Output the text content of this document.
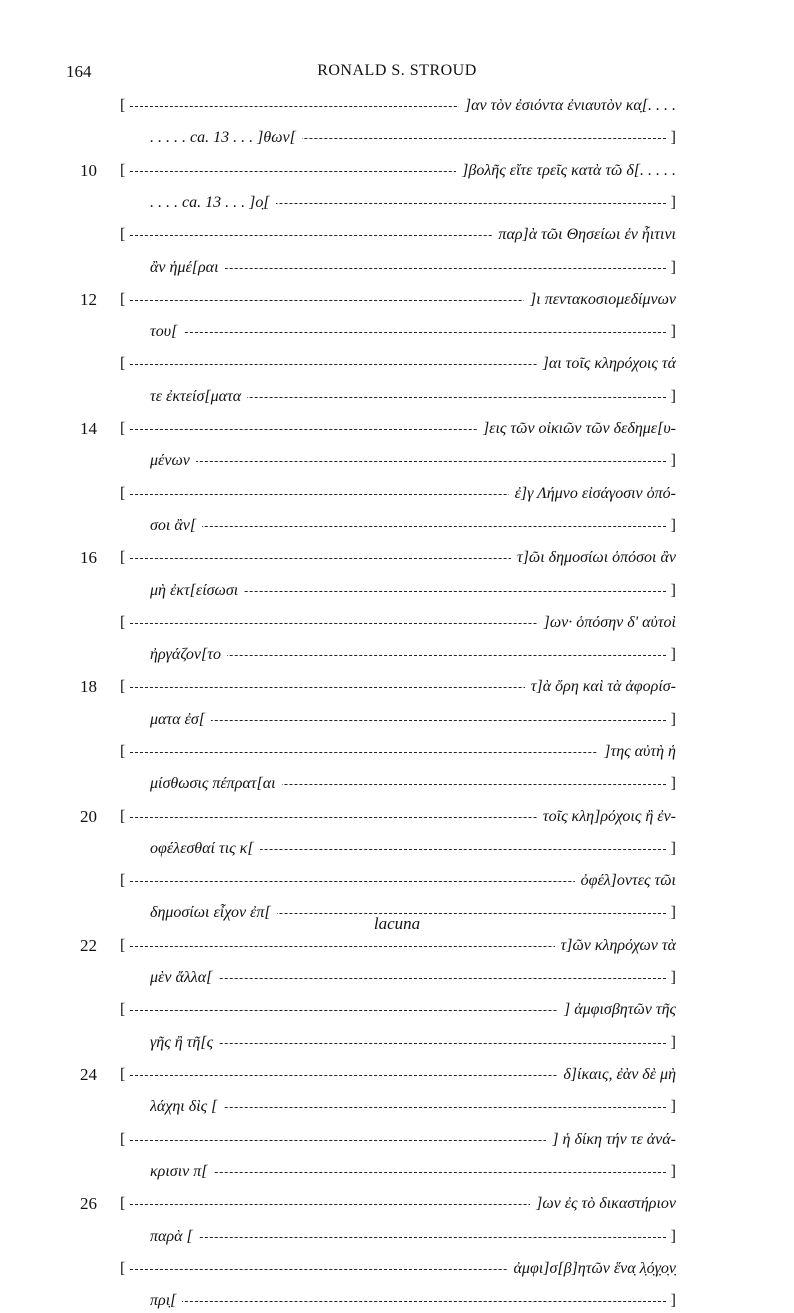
164	RONALD S. STROUD
[	]αν τὸν ἐσιόντα ἐνιαυτὸν κα̣[. . . .
. . . . . ca. 13 . . . ]θων[	]
10 [	]βολῆς εἴτε τρεῖς κατὰ τῶ δ[. . . . .
. . . . ca. 13 . . . ]ο̣[	]
[	παρ]ὰ τῶι Θησείωι ἐν ἧιτινι
ἂν ἡμέ[ραι	]
12 [	]ι πεντακοσιομεδίμνων
του[	]
[	]αι τοῖς κληρόχοις τά
τε ἐκτείσ[ματα	]
14 [	]εις τῶν οἰκιῶν τῶν δεδημε[υ-
μένων	]
[	ἐ]γ Λήμνο εἰσάγοσιν ὁπό-
σοι ἂν[	]
16 [	τ]ῶι δημοσίωι ὁπόσοι ἂν
μὴ ἐκτ[είσωσι	]
[	]ων· ὁπόσην δ' αὐτοὶ
ἠργάζον[το	]
18 [	τ]ὰ ὄρη καὶ τὰ ἀφορίσ-
ματα ἐσ[	]
[	]της αὐτὴ ἡ
μίσθωσις πέπρατ[αι	]
20 [	τοῖς κλη]ρόχοις ἢ ἐν-
οφέλεσθαί τις κ[	]
[	ὀφέλ]οντες τῶι
δημοσίωι εἶχον ἐπ[	]
22 [	τ]ῶν κληρόχων τὰ
μὲν ἄλλα[	]
[	] ἀμφισβητῶν τῆς
γῆς ἢ τῆ[ς	]
24 [	δ]ίκαις, ἐὰν δὲ μὴ
λάχηι δὶς [	]
[	] ἡ δίκη τήν τε ἀνά-
κρισιν π[	]
26 [	]ων ἐς τὸ δικαστήριον
παρὰ [	]
[	ἀμφι]σ[β]ητῶν ἕνα̣ λ̣ό̣γ̣ο̣ν̣
πρι̣[	]
lacuna
